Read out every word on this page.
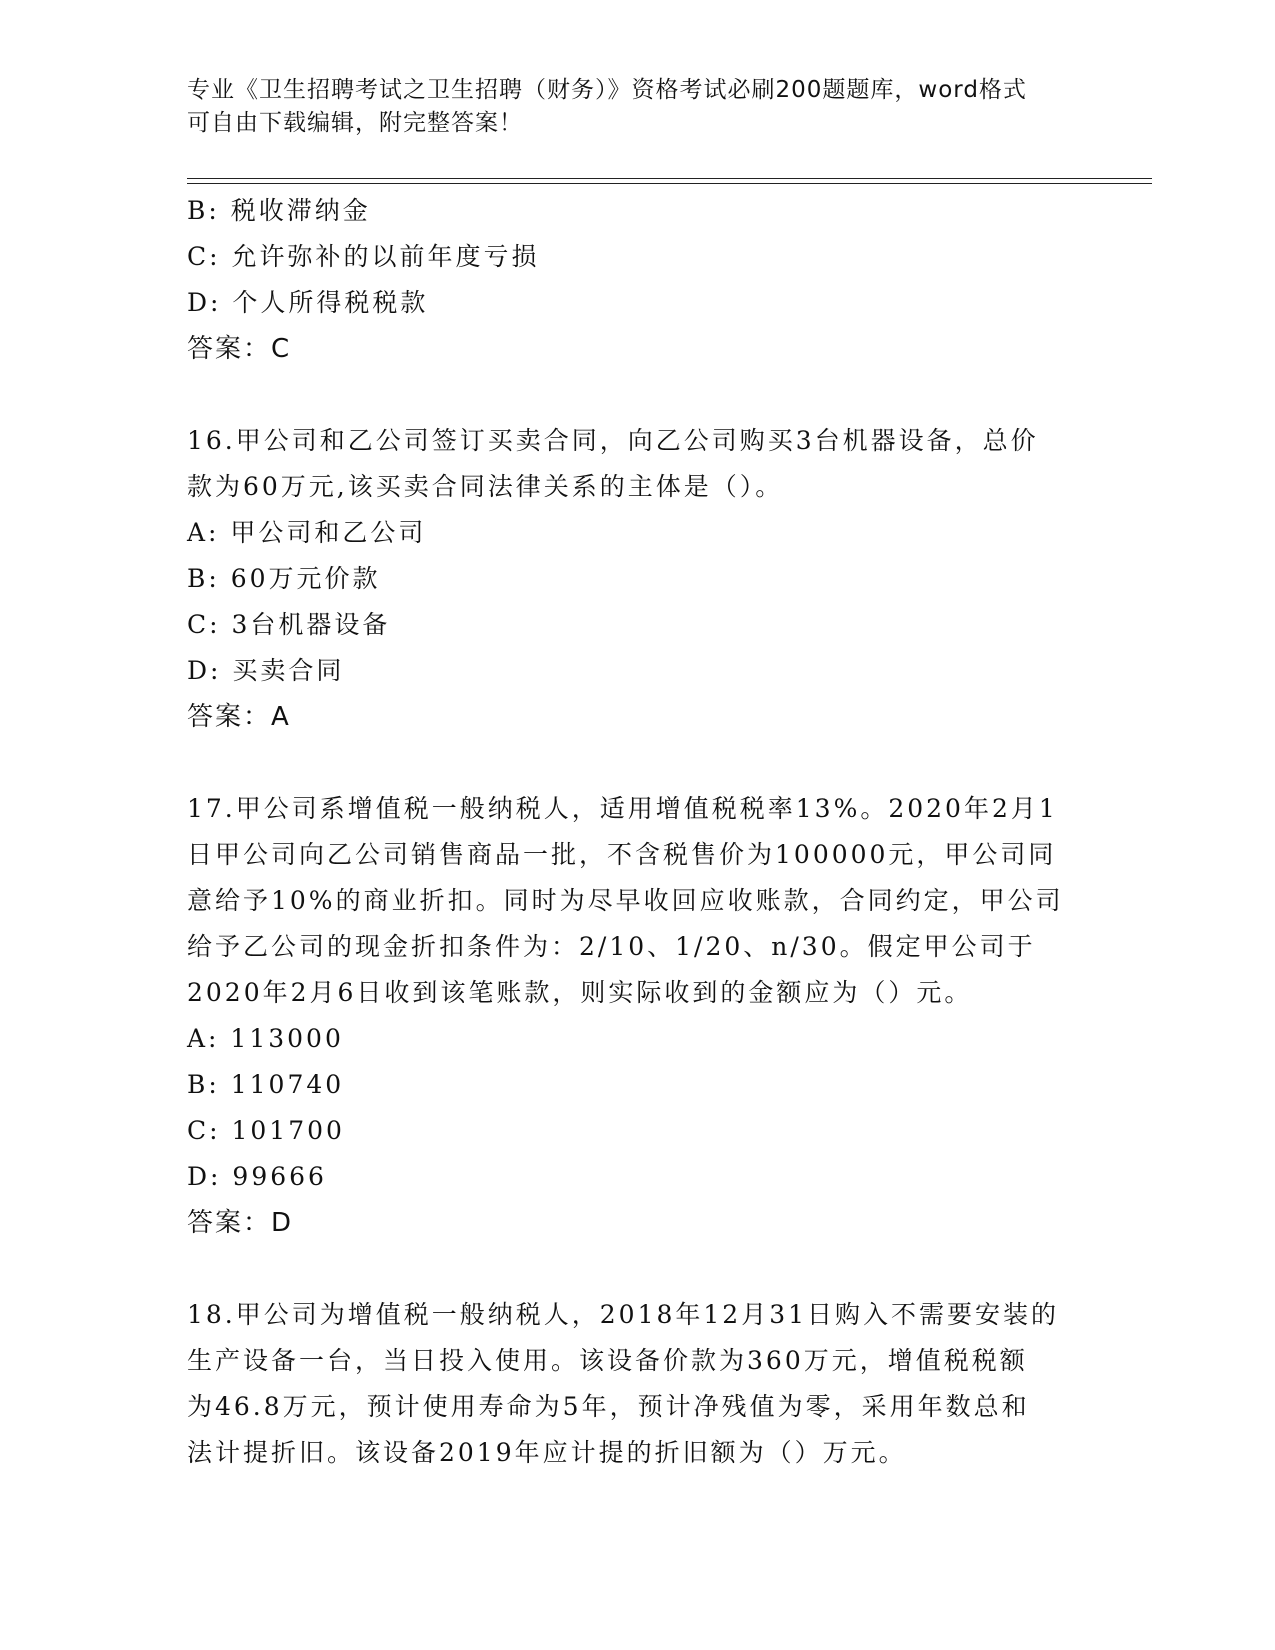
专业《卫生招聘考试之卫生招聘（财务）》资格考试必刷200题题库，word格式
可自由下载编辑，附完整答案！
B: 税收滞纳金
C: 允许弥补的以前年度亏损
D: 个人所得税税款
答案：C
16.甲公司和乙公司签订买卖合同，向乙公司购买3台机器设备，总价
款为60万元,该买卖合同法律关系的主体是（）。
A: 甲公司和乙公司
B: 60万元价款
C: 3台机器设备
D: 买卖合同
答案：A
17.甲公司系增值税一般纳税人，适用增值税税率13%。2020年2月1
日甲公司向乙公司销售商品一批，不含税售价为100000元，甲公司同
意给予10%的商业折扣。同时为尽早收回应收账款，合同约定，甲公司
给予乙公司的现金折扣条件为：2/10、1/20、n/30。假定甲公司于
2020年2月6日收到该笔账款，则实际收到的金额应为（）元。
A: 113000
B: 110740
C: 101700
D: 99666
答案：D
18.甲公司为增值税一般纳税人，2018年12月31日购入不需要安装的
生产设备一台，当日投入使用。该设备价款为360万元，增值税税额
为46.8万元，预计使用寿命为5年，预计净残值为零，采用年数总和
法计提折旧。该设备2019年应计提的折旧额为（）万元。
